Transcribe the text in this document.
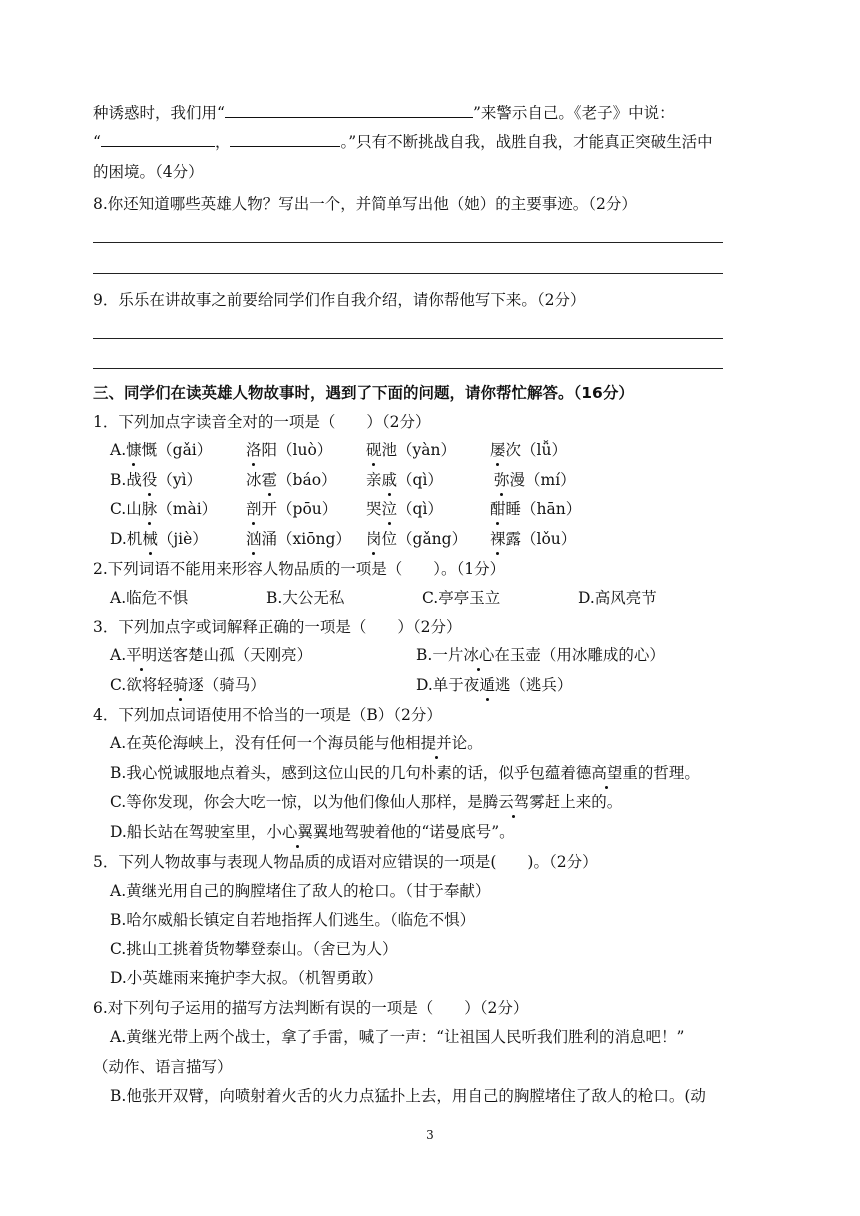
种诱惑时，我们用“	”来警示自己。《老子》中说：
“	，	。”只有不断挑战自我，战胜自我，才能真正突破生活中
的困境。（4分）
8.你还知道哪些英雄人物？写出一个，并简单写出他（她）的主要事迹。（2分）
9．乐乐在讲故事之前要给同学们作自我介绍，请你帮他写下来。（2分）
三、同学们在读英雄人物故事时，遇到了下面的问题，请你帮忙解答。（16分）
1．下列加点字读音全对的一项是（　　）（2分）
A.慷慨（gǎi） 洛阳（luò） 砚池（yàn） 屡次（lǚ）
B.战役（yì）	冰雹（báo） 亲戚（qì）	弥漫（mí）
C.山脉（mài） 剖开（pōu） 哭泣（qì）	酣睡（hān）
D.机械（jiè） 汹涌（xiōng） 岗位（gǎng） 裸露（lǒu）
2.下列词语不能用来形容人物品质的一项是（　　）。（1分）
A.临危不惧	B.大公无私	C.亭亭玉立	D.高风亮节
3．下列加点字或词解释正确的一项是（　　）（2分）
A.平明送客楚山孤（天刚亮）	B.一片冰心在玉壶（用冰雕成的心）
C.欲将轻骑逐（骑马）	D.单于夜遁逃（逃兵）
4．下列加点词语使用不恰当的一项是（B）（2分）
A.在英伦海峡上，没有任何一个海员能与他相提并论。
B.我心悦诚服地点着头，感到这位山民的几句朴素的话，似乎包蕴着德高望重的哲理。
C.等你发现，你会大吃一惊，以为他们像仙人那样，是腾云驾雾赶上来的。
D.船长站在驾驶室里，小心翼翼地驾驶着他的“诺曼底号”。
5．下列人物故事与表现人物品质的成语对应错误的一项是(　　)。（2分）
A.黄继光用自己的胸膛堵住了敌人的枪口。（甘于奉献）
B.哈尔威船长镇定自若地指挥人们逃生。（临危不惧）
C.挑山工挑着货物攀登泰山。（舍已为人）
D.小英雄雨来掩护李大叔。（机智勇敢）
6.对下列句子运用的描写方法判断有误的一项是（　　）（2分）
A.黄继光带上两个战士，拿了手雷，喊了一声：“让祖国人民听我们胜利的消息吧！”
（动作、语言描写）
B.他张开双臂，向喷射着火舌的火力点猛扑上去，用自己的胸膛堵住了敌人的枪口。(动
3
